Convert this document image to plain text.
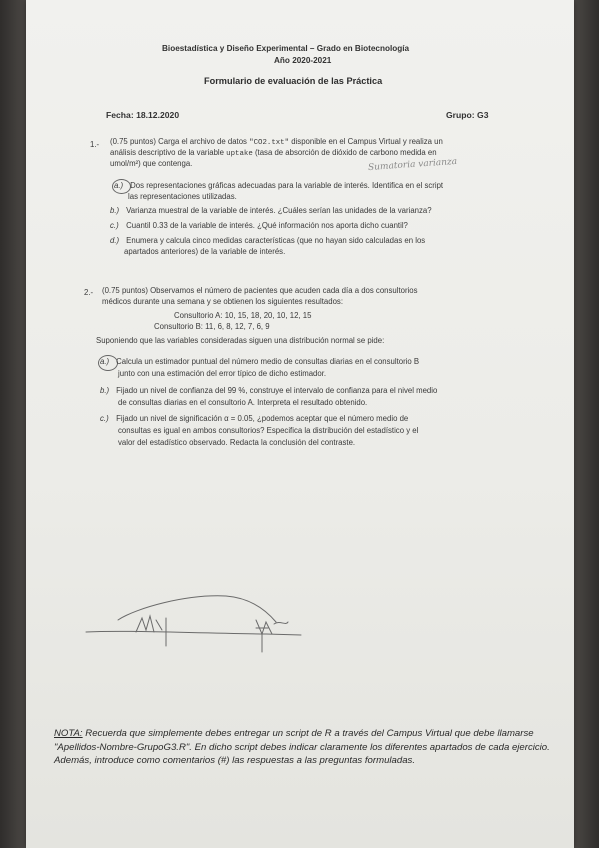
Bioestadística y Diseño Experimental – Grado en Biotecnología
Año 2020-2021
Formulario de evaluación de las Práctica
Fecha: 18.12.2020	Grupo: G3
1.- (0.75 puntos) Carga el archivo de datos "CO2.txt" disponible en el Campus Virtual y realiza un
análisis descriptivo de la variable uptake (tasa de absorción de dióxido de carbono medida en
umol/m²) que contenga.	Sumatoria varianza
a.) Dos representaciones gráficas adecuadas para la variable de interés. Identifica en el script
las representaciones utilizadas.
b.) Varianza muestral de la variable de interés. ¿Cuáles serían las unidades de la varianza?
c.) Cuantil 0.33 de la variable de interés. ¿Qué información nos aporta dicho cuantil?
d.) Enumera y calcula cinco medidas características (que no hayan sido calculadas en los
apartados anteriores) de la variable de interés.
2.- (0.75 puntos) Observamos el número de pacientes que acuden cada día a dos consultorios
médicos durante una semana y se obtienen los siguientes resultados:
Consultorio A: 10, 15, 18, 20, 10, 12, 15
Consultorio B: 11, 6, 8, 12, 7, 6, 9
Suponiendo que las variables consideradas siguen una distribución normal se pide:
a.) Calcula un estimador puntual del número medio de consultas diarias en el consultorio B
junto con una estimación del error típico de dicho estimador.
b.) Fijado un nivel de confianza del 99 %, construye el intervalo de confianza para el nivel medio
de consultas diarias en el consultorio A. Interpreta el resultado obtenido.
c.) Fijado un nivel de significación α = 0.05, ¿podemos aceptar que el número medio de
consultas es igual en ambos consultorios? Especifica la distribución del estadístico y el
valor del estadístico observado. Redacta la conclusión del contraste.
NOTA: Recuerda que simplemente debes entregar un script de R a través del Campus Virtual que debe llamarse "Apellidos-Nombre-GrupoG3.R". En dicho script debes indicar claramente los diferentes apartados de cada ejercicio. Además, introduce como comentarios (#) las respuestas a las preguntas formuladas.
